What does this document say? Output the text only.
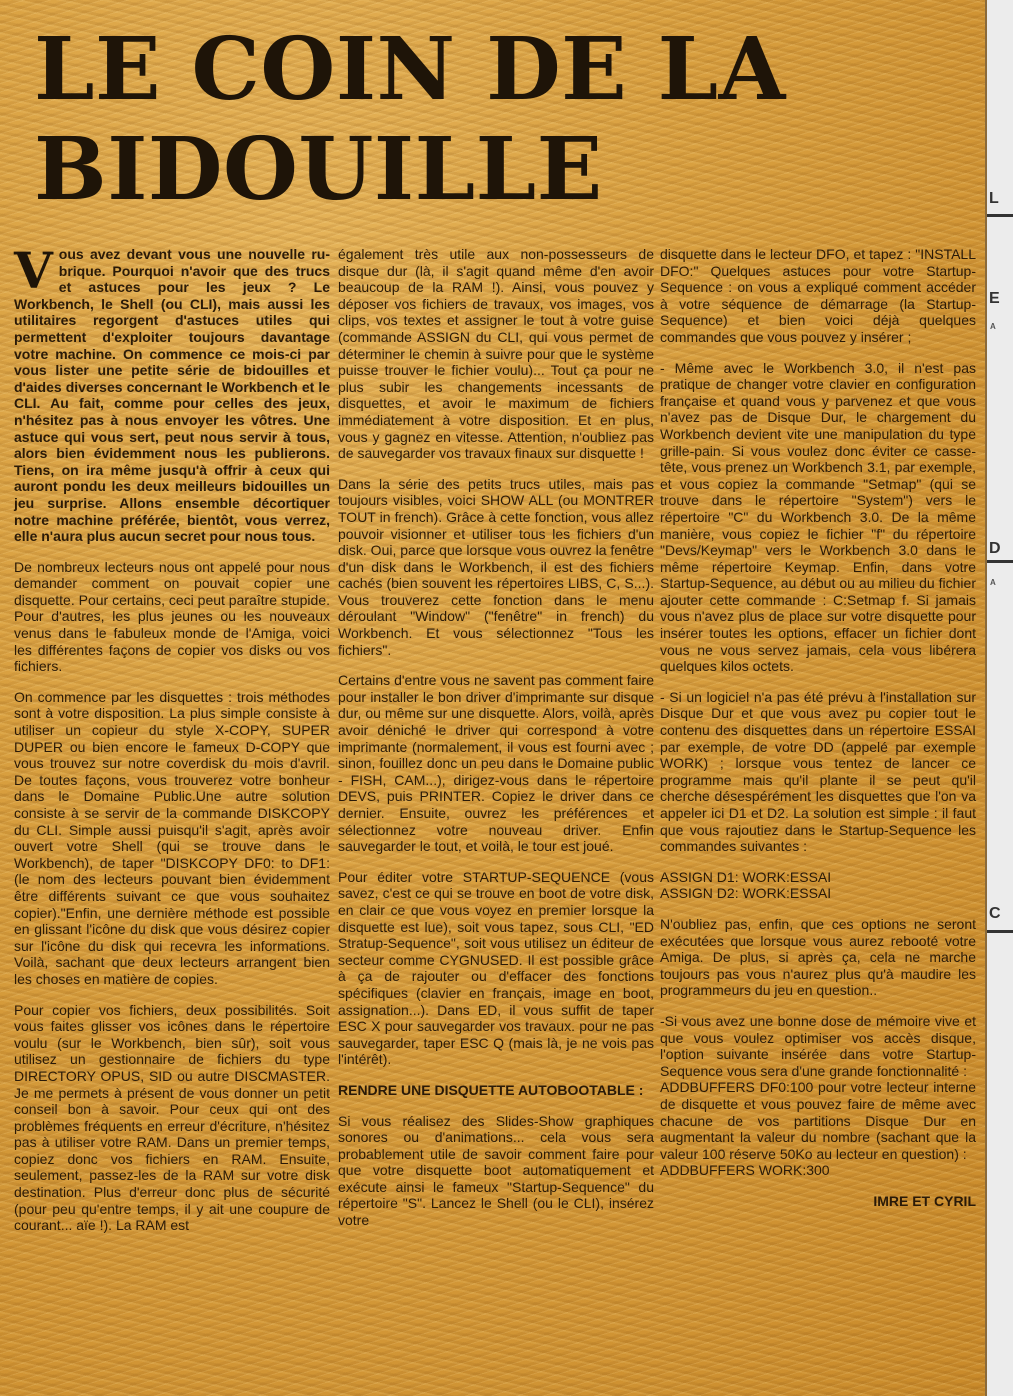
LE COIN DE LA
BIDOUILLE

Vous avez devant vous une nouvelle ru-brique. Pourquoi n'avoir que des trucs et astuces pour les jeux ? Le Workbench, le Shell (ou CLI), mais aussi les utilitaires regorgent d'astuces utiles qui permettent d'exploiter toujours davantage votre machine. On commence ce mois-ci par vous lister une petite série de bidouilles et d'aides diverses concernant le Workbench et le CLI. Au fait, comme pour celles des jeux, n'hésitez pas à nous envoyer les vôtres. Une astuce qui vous sert, peut nous servir à tous, alors bien évidemment nous les publierons. Tiens, on ira même jusqu'à offrir à ceux qui auront pondu les deux meilleurs bidouilles un jeu surprise. Allons ensemble décortiquer notre machine préférée, bientôt, vous verrez, elle n'aura plus aucun secret pour nous tous.

De nombreux lecteurs nous ont appelé pour nous demander comment on pouvait copier une disquette. Pour certains, ceci peut paraître stupide. Pour d'autres, les plus jeunes ou les nouveaux venus dans le fabuleux monde de l'Amiga, voici les différentes façons de copier vos disks ou vos fichiers.

On commence par les disquettes : trois méthodes sont à votre disposition. La plus simple consiste à utiliser un copieur du style X-COPY, SUPER DUPER ou bien encore le fameux D-COPY que vous trouvez sur notre coverdisk du mois d'avril. De toutes façons, vous trouverez votre bonheur dans le Domaine Public.Une autre solution consiste à se servir de la commande DISKCOPY du CLI. Simple aussi puisqu'il s'agit, après avoir ouvert votre Shell (qui se trouve dans le Workbench), de taper "DISKCOPY DF0: to DF1: (le nom des lecteurs pouvant bien évidemment être différents suivant ce que vous souhaitez copier)."Enfin, une dernière méthode est possible en glissant l'icône du disk que vous désirez copier sur l'icône du disk qui recevra les informations. Voilà, sachant que deux lecteurs arrangent bien les choses en matière de copies.

Pour copier vos fichiers, deux possibilités. Soit vous faites glisser vos icônes dans le répertoire voulu (sur le Workbench, bien sûr), soit vous utilisez un gestionnaire de fichiers du type DIRECTORY OPUS, SID ou autre DISCMASTER. Je me permets à présent de vous donner un petit conseil bon à savoir. Pour ceux qui ont des problèmes fréquents en erreur d'écriture, n'hésitez pas à utiliser votre RAM. Dans un premier temps, copiez donc vos fichiers en RAM. Ensuite, seulement, passez-les de la RAM sur votre disk destination. Plus d'erreur donc plus de sécurité (pour peu qu'entre temps, il y ait une coupure de courant... aïe !). La RAM est

également très utile aux non-possesseurs de disque dur (là, il s'agit quand même d'en avoir beaucoup de la RAM !). Ainsi, vous pouvez y déposer vos fichiers de travaux, vos images, vos clips, vos textes et assigner le tout à votre guise (commande ASSIGN du CLI, qui vous permet de déterminer le chemin à suivre pour que le système puisse trouver le fichier voulu)... Tout ça pour ne plus subir les changements incessants de disquettes, et avoir le maximum de fichiers immédiatement à votre disposition. Et en plus, vous y gagnez en vitesse. Attention, n'oubliez pas de sauvegarder vos travaux finaux sur disquette !

Dans la série des petits trucs utiles, mais pas toujours visibles, voici SHOW ALL (ou MONTRER TOUT in french). Grâce à cette fonction, vous allez pouvoir visionner et utiliser tous les fichiers d'un disk. Oui, parce que lorsque vous ouvrez la fenêtre d'un disk dans le Workbench, il est des fichiers cachés (bien souvent les répertoires LIBS, C, S...). Vous trouverez cette fonction dans le menu déroulant "Window" ("fenêtre" in french) du Workbench. Et vous sélectionnez "Tous les fichiers".

Certains d'entre vous ne savent pas comment faire pour installer le bon driver d'imprimante sur disque dur, ou même sur une disquette. Alors, voilà, après avoir déniché le driver qui correspond à votre imprimante (normalement, il vous est fourni avec ; sinon, fouillez donc un peu dans le Domaine public - FISH, CAM...), dirigez-vous dans le répertoire DEVS, puis PRINTER. Copiez le driver dans ce dernier. Ensuite, ouvrez les préférences et sélectionnez votre nouveau driver. Enfin sauvegarder le tout, et voilà, le tour est joué.

Pour éditer votre STARTUP-SEQUENCE (vous savez, c'est ce qui se trouve en boot de votre disk, en clair ce que vous voyez en premier lorsque la disquette est lue), soit vous tapez, sous CLI, "ED Stratup-Sequence", soit vous utilisez un éditeur de secteur comme CYGNUSED. Il est possible grâce à ça de rajouter ou d'effacer des fonctions spécifiques (clavier en français, image en boot, assignation...). Dans ED, il vous suffit de taper ESC X pour sauvegarder vos travaux. pour ne pas sauvegarder, taper ESC Q (mais là, je ne vois pas l'intérêt).

RENDRE UNE DISQUETTE AUTOBOOTABLE :

Si vous réalisez des Slides-Show graphiques sonores ou d'animations... cela vous sera probablement utile de savoir comment faire pour que votre disquette boot automatiquement et exécute ainsi le fameux "Startup-Sequence" du répertoire "S". Lancez le Shell (ou le CLI), insérez votre

disquette dans le lecteur DFO, et tapez : "INSTALL DFO:" Quelques astuces pour votre Startup-Sequence : on vous a expliqué comment accéder à votre séquence de démarrage (la Startup-Sequence) et bien voici déjà quelques commandes que vous pouvez y insérer ;

- Même avec le Workbench 3.0, il n'est pas pratique de changer votre clavier en configuration française et quand vous y parvenez et que vous n'avez pas de Disque Dur, le chargement du Workbench devient vite une manipulation du type grille-pain. Si vous voulez donc éviter ce casse-tête, vous prenez un Workbench 3.1, par exemple, et vous copiez la commande "Setmap" (qui se trouve dans le répertoire "System") vers le répertoire "C" du Workbench 3.0. De la même manière, vous copiez le fichier "f" du répertoire "Devs/Keymap" vers le Workbench 3.0 dans le même répertoire Keymap. Enfin, dans votre Startup-Sequence, au début ou au milieu du fichier ajouter cette commande : C:Setmap f. Si jamais vous n'avez plus de place sur votre disquette pour insérer toutes les options, effacer un fichier dont vous ne vous servez jamais, cela vous libérera quelques kilos octets.

- Si un logiciel n'a pas été prévu à l'installation sur Disque Dur et que vous avez pu copier tout le contenu des disquettes dans un répertoire ESSAI par exemple, de votre DD (appelé par exemple WORK) ; lorsque vous tentez de lancer ce programme mais qu'il plante il se peut qu'il cherche désespérément les disquettes que l'on va appeler ici D1 et D2. La solution est simple : il faut que vous rajoutiez dans le Startup-Sequence les commandes suivantes :

ASSIGN D1: WORK:ESSAI
ASSIGN D2: WORK:ESSAI

N'oubliez pas, enfin, que ces options ne seront exécutées que lorsque vous aurez rebooté votre Amiga. De plus, si après ça, cela ne marche toujours pas vous n'aurez plus qu'à maudire les programmeurs du jeu en question..

-Si vous avez une bonne dose de mémoire vive et que vous voulez optimiser vos accès disque, l'option suivante insérée dans votre Startup-Sequence vous sera d'une grande fonctionnalité :

ADDBUFFERS DF0:100 pour votre lecteur interne de disquette et vous pouvez faire de même avec chacune de vos partitions Disque Dur en augmentant la valeur du nombre (sachant que la valeur 100 réserve 50Ko au lecteur en question) :

ADDBUFFERS WORK:300
IMRE ET CYRIL
L
E
A
D
A
C
